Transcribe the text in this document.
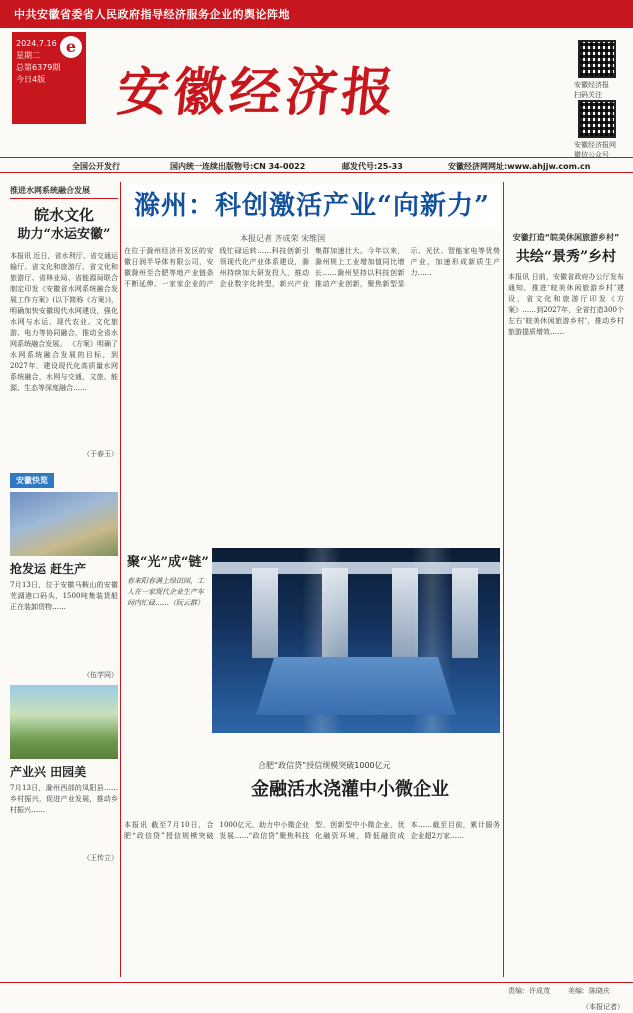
中共安徽省委省人民政府指导经济服务企业的舆论阵地
2024.7.16
星期二
总第6379期
今日4版
e
安徽经济报	安徽经济报
扫码关注
安徽经济报网
微信公众号
全国公开发行	国内统一连续出版物号:CN 34-0022	邮发代号:25-33	安徽经济网网址:www.ahjjw.com.cn
推进水网系统融合发展
皖水文化
助力“水运安徽”
本报讯 近日，省水利厅、省交通运输厅、省文化和旅游厅、省文化和旅游厅、省林业局、省能源局联合制定印发《安徽省水网系统融合发展工作方案》(以下简称《方案》)，明确加快安徽现代水网建设，强化水网与水运、现代农业、文化旅游、电力等协同融合，推动全省水网系统融合发展。 《方案》明确了水网系统融合发展的目标，到2027年，建设现代化高质量水网系统融合，水网与交通、文旅、能源、生态等深度融合……
（于春玉）
安徽快览
抢发运 赶生产
7月13日，位于安徽马鞍山的安徽芜湖港口码头，1500吨集装货船正在装卸货物……
（伍学同）
产业兴 田园美
7月13日，滁州西部的凤阳县……乡村振兴，促进产业发展，推动乡村振兴……
（王传立）
滁州：科创激活产业“向新力”
本报记者 齐成荣 宋维国
在位于滁州经济开发区的安徽日润半导体有限公司，安徽滁州至合肥等地产业链条不断延伸。一家家企业的产线忙碌运转……科技创新引领现代化产业体系建设，滁州持续加大研发投入，推动企业数字化转型，新兴产业集群加速壮大。今年以来，滁州规上工业增加值同比增长……滁州坚持以科技创新推动产业创新，聚焦新型显示、光伏、智能家电等优势产业，加速形成新质生产力……
聚“光”成“链”
春来阳春满土绿田园，工人在一家现代企业生产车间内忙碌……（阮云群）
合肥“政信贷”授信规模突破1000亿元
金融活水浇灌中小微企业
本报讯 截至7月10日，合肥“政信贷”授信规模突破1000亿元，助力中小微企业发展……“政信贷”聚焦科技型、创新型中小微企业，优化融资环境，降低融资成本……截至目前，累计服务企业超2万家……
安徽打造“皖美休闲旅游乡村”
共绘“景秀”乡村
本报讯 日前，安徽省政府办公厅发布通知，推进‘皖美休闲旅游乡村’建设，省文化和旅游厅印发《方案》……到2027年，全省打造300个左右‘皖美休闲旅游乡村’，推动乡村旅游提质增效……
（本报记者）
责编：许成茂	美编：陈晓庆
